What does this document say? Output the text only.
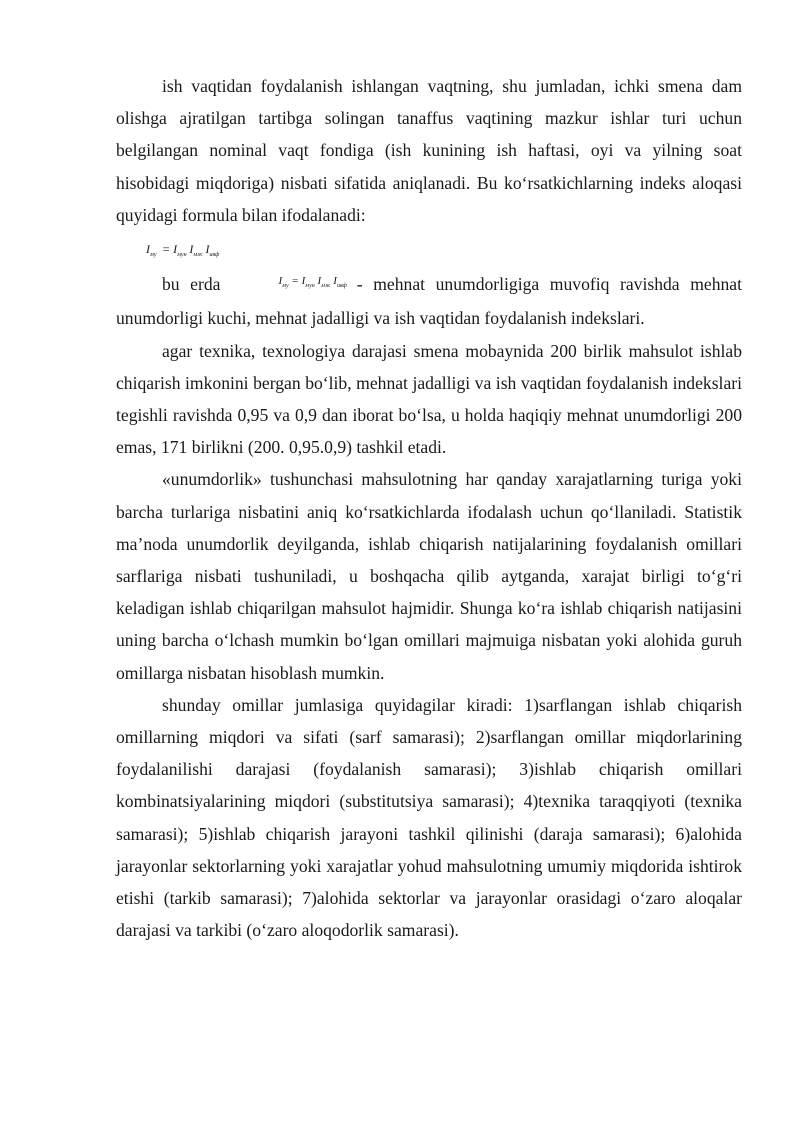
ish vaqtidan foydalanish ishlangan vaqtning, shu jumladan, ichki smena dam olishga ajratilgan tartibga solingan tanaffus vaqtining mazkur ishlar turi uchun belgilangan nominal vaqt fondiga (ish kunining ish haftasi, oyi va yilning soat hisobidagi miqdoriga) nisbati sifatida aniqlanadi. Bu ko‘rsatkichlarning indeks aloqasi quyidagi formula bilan ifodalanadi:

$I_{му} = I_{мун}$ $I_{мж}$ $I_{ивф}$

bu erda	$I_{му} = I_{мун}$ $I_{мж}$ $I_{ивф}$ - mehnat unumdorligiga muvofiq ravishda mehnat unumdorligi kuchi, mehnat jadalligi va ish vaqtidan foydalanish indekslari.

agar texnika, texnologiya darajasi smena mobaynida 200 birlik mahsulot ishlab chiqarish imkonini bergan bo‘lib, mehnat jadalligi va ish vaqtidan foydalanish indekslari tegishli ravishda 0,95 va 0,9 dan iborat bo‘lsa, u holda haqiqiy mehnat unumdorligi 200 emas, 171 birlikni (200. 0,95.0,9) tashkil etadi.

«unumdorlik» tushunchasi mahsulotning har qanday xarajatlarning turiga yoki barcha turlariga nisbatini aniq ko‘rsatkichlarda ifodalash uchun qo‘llaniladi. Statistik ma’noda unumdorlik deyilganda, ishlab chiqarish natijalarining foydalanish omillari sarflariga nisbati tushuniladi, u boshqacha qilib aytganda, xarajat birligi to‘g‘ri keladigan ishlab chiqarilgan mahsulot hajmidir. Shunga ko‘ra ishlab chiqarish natijasini uning barcha o‘lchash mumkin bo‘lgan omillari majmuiga nisbatan yoki alohida guruh omillarga nisbatan hisoblash mumkin.

shunday omillar jumlasiga quyidagilar kiradi: 1)sarflangan ishlab chiqarish omillarning miqdori va sifati (sarf samarasi); 2)sarflangan omillar miqdorlarining foydalanilishi darajasi (foydalanish samarasi); 3)ishlab chiqarish omillari kombinatsiyalarining miqdori (substitutsiya samarasi); 4)texnika taraqqiyoti (texnika samarasi); 5)ishlab chiqarish jarayoni tashkil qilinishi (daraja samarasi); 6)alohida jarayonlar sektorlarning yoki xarajatlar yohud mahsulotning umumiy miqdorida ishtirok etishi (tarkib samarasi); 7)alohida sektorlar va jarayonlar orasidagi o‘zaro aloqalar darajasi va tarkibi (o‘zaro aloqodorlik samarasi).
